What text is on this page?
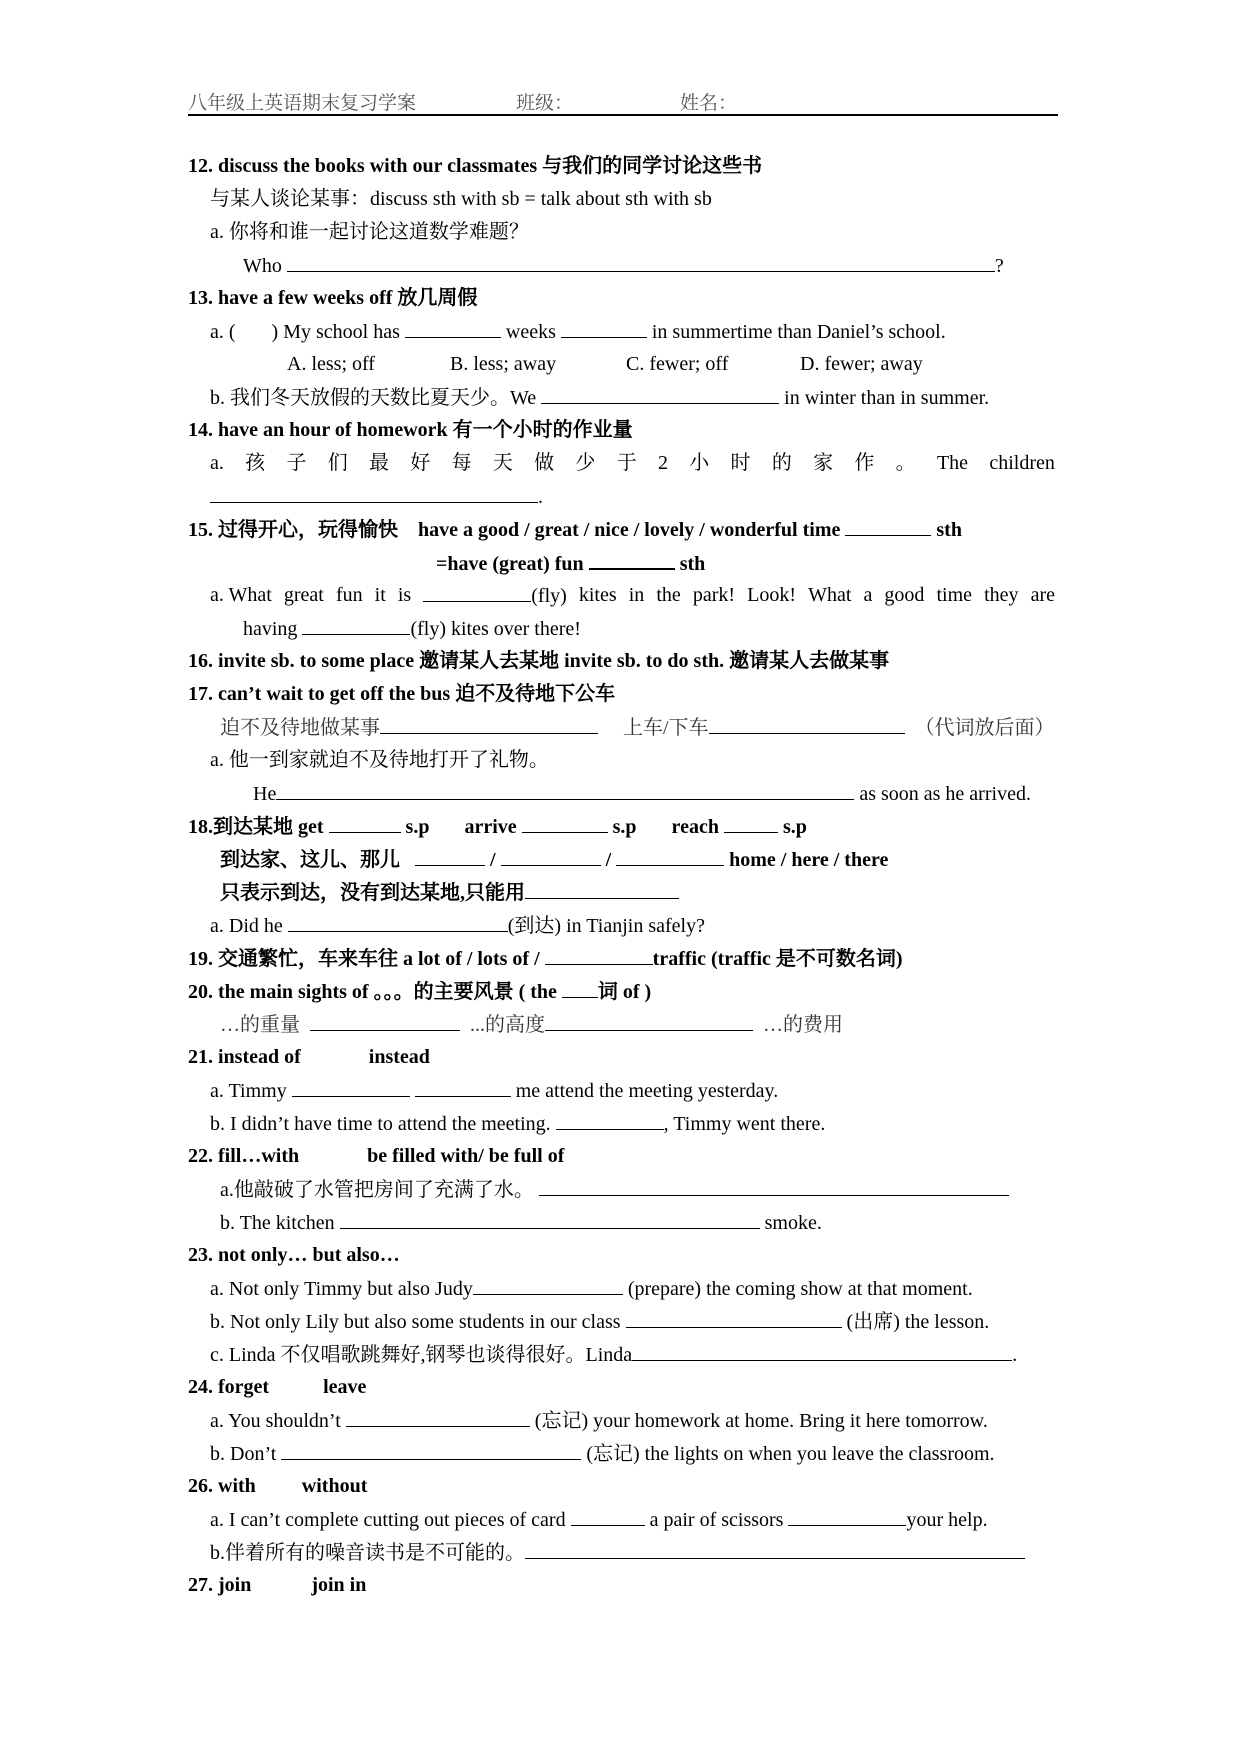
八年级上英语期末复习学案	班级：	姓名：
12. discuss the books with our classmates 与我们的同学讨论这些书
与某人谈论某事：discuss sth with sb = talk about sth with sb
a. 你将和谁一起讨论这道数学难题？
Who	?
13. have a few weeks off 放几周假
a. ( ) My school has	weeks	in summertime than Daniel’s school.
A. less; off	B. less; away	C. fewer; off	D. fewer; away
b. 我们冬天放假的天数比夏天少。We	in winter than in summer.
14. have an hour of homework 有一个小时的作业量
a. 孩 子 们 最 好 每 天 做 少 于 2 小 时 的 家 作 。 The children
.
15. 过得开心，玩得愉快 have a good / great / nice / lovely / wonderful time	sth
=have (great) fun	sth
a. What great fun it is	(fly) kites in the park! Look! What a good time they are
having	(fly) kites over there!
16. invite sb. to some place 邀请某人去某地 invite sb. to do sth. 邀请某人去做某事
17. can’t wait to get off the bus 迫不及待地下公车
迫不及待地做某事	上车/下车	（代词放后面）
a. 他一到家就迫不及待地打开了礼物。
He	as soon as he arrived.
18.到达某地 get	s.p arrive	s.p reach	s.p
到达家、这儿、那儿	/	/	home / here / there
只表示到达，没有到达某地,只能用
a. Did he	(到达) in Tianjin safely?
19. 交通繁忙，车来车往 a lot of / lots of /	traffic (traffic 是不可数名词)
20. the main sights of 。。。的主要风景 ( the 词 of )
…的重量	...的高度	…的费用
21. instead of	instead
a. Timmy	me attend the meeting yesterday.
b. I didn’t have time to attend the meeting.	, Timmy went there.
22. fill…with	be filled with/ be full of
a.他敲破了水管把房间了充满了水。
b. The kitchen	smoke.
23. not only… but also…
a. Not only Timmy but also Judy	(prepare) the coming show at that moment.
b. Not only Lily but also some students in our class	(出席) the lesson.
c. Linda 不仅唱歌跳舞好,钢琴也谈得很好。Linda	.
24. forget	leave
a. You shouldn’t	(忘记) your homework at home. Bring it here tomorrow.
b. Don’t	(忘记) the lights on when you leave the classroom.
26. with without
a. I can’t complete cutting out pieces of card	a pair of scissors	your help.
b.伴着所有的噪音读书是不可能的。
27. join	join in
